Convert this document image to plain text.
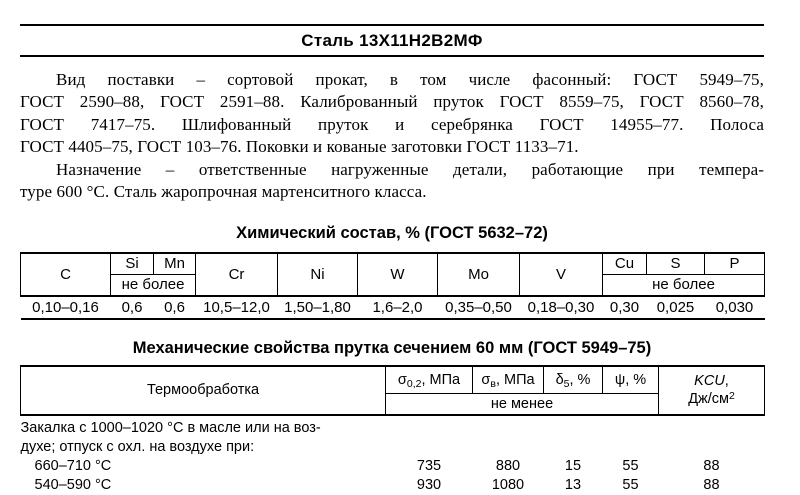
Сталь 13Х11Н2В2МФ
Вид поставки – сортовой прокат, в том числе фасонный: ГОСТ 5949–75,
ГОСТ 2590–88, ГОСТ 2591–88. Калиброванный пруток ГОСТ 8559–75, ГОСТ 8560–78,
ГОСТ 7417–75. Шлифованный пруток и серебрянка ГОСТ 14955–77. Полоса
ГОСТ 4405–75, ГОСТ 103–76. Поковки и кованые заготовки ГОСТ 1133–71.
Назначение – ответственные нагруженные детали, работающие при темпера-
туре 600 °С. Сталь жаропрочная мартенситного класса.
Химический состав, % (ГОСТ 5632–72)
C	Si	Mn	Cr	Ni	W	Mo	V	Cu	S	P
	не более							не более		
0,10–0,16	0,6	0,6	10,5–12,0	1,50–1,80	1,6–2,0	0,35–0,50	0,18–0,30	0,30	0,025	0,030
Механические свойства прутка сечением 60 мм (ГОСТ 5949–75)
Термообработка	$\sigma_{0,2}$, МПа	$\sigma_в$, МПа	$\delta_5$, %	ψ, %	KCU,
$Дж/см^2$
	не менее				
Закалка с 1000–1020 °С в масле или на воз-					
духе; отпуск с охл. на воздухе при:					
660–710 °С	735	880	15	55	88
540–590 °С	930	1080	13	55	88
